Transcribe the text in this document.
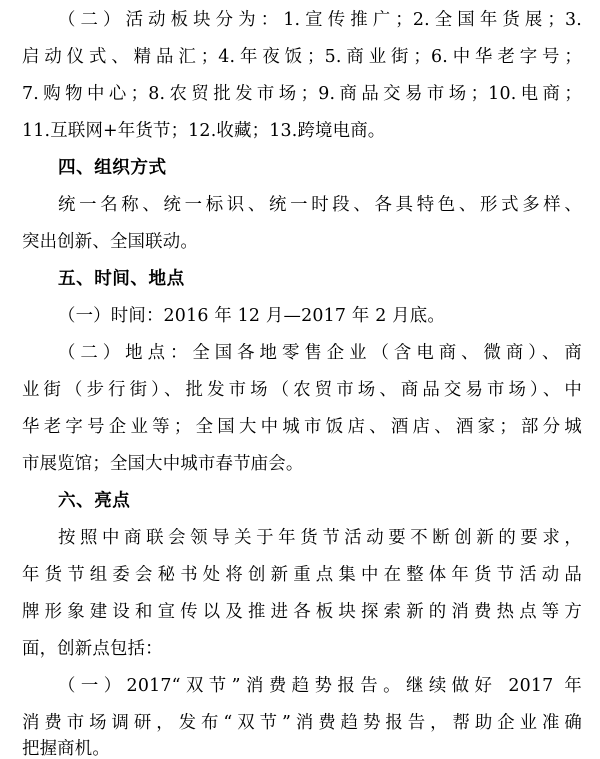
（二）活动板块分为：1.宣传推广；2.全国年货展；3.
启动仪式、精品汇；4.年夜饭；5.商业街；6.中华老字号；
7.购物中心；8.农贸批发市场；9.商品交易市场；10.电商；
11.互联网+年货节；12.收藏；13.跨境电商。
四、组织方式
统一名称、统一标识、统一时段、各具特色、形式多样、
突出创新、全国联动。
五、时间、地点
（一）时间：2016 年 12 月—2017 年 2 月底。
（二）地点：全国各地零售企业（含电商、微商）、商
业街（步行街）、批发市场（农贸市场、商品交易市场）、中
华老字号企业等；全国大中城市饭店、酒店、酒家；部分城
市展览馆；全国大中城市春节庙会。
六、亮点
按照中商联会领导关于年货节活动要不断创新的要求，
年货节组委会秘书处将创新重点集中在整体年货节活动品
牌形象建设和宣传以及推进各板块探索新的消费热点等方
面，创新点包括：
（一）2017“双节”消费趋势报告。继续做好 2017 年
消费市场调研，发布“双节”消费趋势报告，帮助企业准确
把握商机。
